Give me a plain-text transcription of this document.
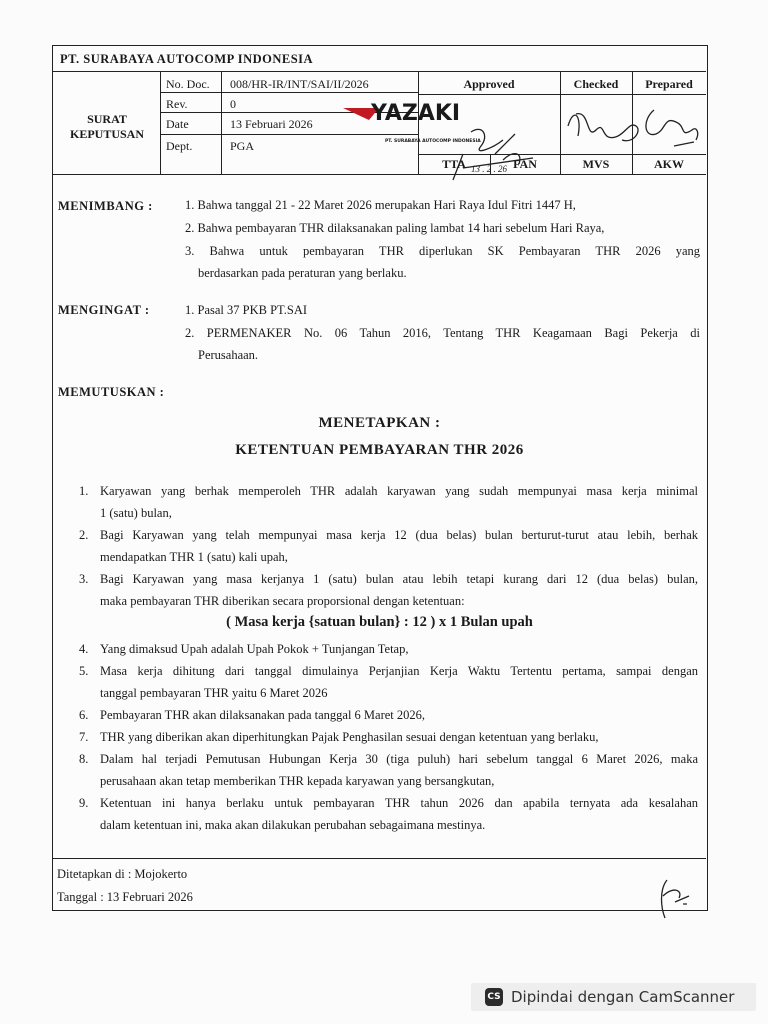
PT. SURABAYA AUTOCOMP INDONESIA
SURAT
KEPUTUSAN
No. Doc. 008/HR-IR/INT/SAI/II/2026
Rev.	0
Date	13 Februari 2026
Dept.	PGA
Approved	Checked	Prepared
YAZAKI
PT. SURABAYA AUTOCOMP INDONESIA
13 . 2 . 26
TTA	FAN	MVS	AKW
MENIMBANG :	1. Bahwa tanggal 21 - 22 Maret 2026 merupakan Hari Raya Idul Fitri 1447 H,
2. Bahwa pembayaran THR dilaksanakan paling lambat 14 hari sebelum Hari Raya,
3. Bahwa untuk pembayaran THR diperlukan SK Pembayaran THR 2026 yang
berdasarkan pada peraturan yang berlaku.
MENGINGAT :	1. Pasal 37 PKB PT.SAI
2. PERMENAKER No. 06 Tahun 2016, Tentang THR Keagamaan Bagi Pekerja di
Perusahaan.
MEMUTUSKAN :
MENETAPKAN :
KETENTUAN PEMBAYARAN THR 2026
1. Karyawan yang berhak memperoleh THR adalah karyawan yang sudah mempunyai masa kerja minimal
1 (satu) bulan,
2. Bagi Karyawan yang telah mempunyai masa kerja 12 (dua belas) bulan berturut-turut atau lebih, berhak
mendapatkan THR 1 (satu) kali upah,
3. Bagi Karyawan yang masa kerjanya 1 (satu) bulan atau lebih tetapi kurang dari 12 (dua belas) bulan,
maka pembayaran THR diberikan secara proporsional dengan ketentuan:
4. Yang dimaksud Upah adalah Upah Pokok + Tunjangan Tetap,
5. Masa kerja dihitung dari tanggal dimulainya Perjanjian Kerja Waktu Tertentu pertama, sampai dengan
tanggal pembayaran THR yaitu 6 Maret 2026
6. Pembayaran THR akan dilaksanakan pada tanggal 6 Maret 2026,
7. THR yang diberikan akan diperhitungkan Pajak Penghasilan sesuai dengan ketentuan yang berlaku,
8. Dalam hal terjadi Pemutusan Hubungan Kerja 30 (tiga puluh) hari sebelum tanggal 6 Maret 2026, maka
perusahaan akan tetap memberikan THR kepada karyawan yang bersangkutan,
9. Ketentuan ini hanya berlaku untuk pembayaran THR tahun 2026 dan apabila ternyata ada kesalahan
dalam ketentuan ini, maka akan dilakukan perubahan sebagaimana mestinya.
( Masa kerja {satuan bulan} : 12 ) x 1 Bulan upah
Ditetapkan di : Mojokerto
Tanggal : 13 Februari 2026
CS Dipindai dengan CamScanner
